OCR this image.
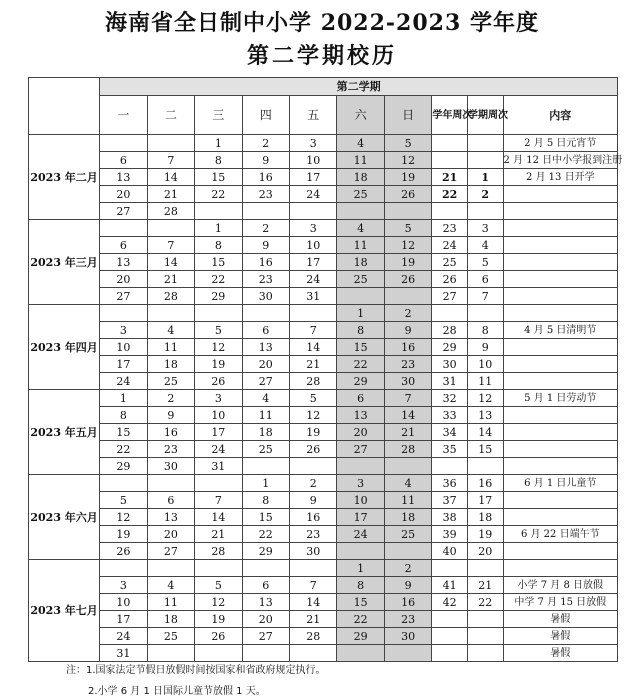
海南省全日制中小学 2022-2023 学年度
第二学期校历
	第二学期									
	一	二	三	四	五	六	日	学年周次	学期周次	内容
2023 年二月			1	2	3	4	5			2 月 5 日元宵节
	6	7	8	9	10	11	12			2 月 12 日中小学报到注册
	13	14	15	16	17	18	19	21	1	2 月 13 日开学
	20	21	22	23	24	25	26	22	2	
	27	28								
2023 年三月			1	2	3	4	5	23	3	
	6	7	8	9	10	11	12	24	4	
	13	14	15	16	17	18	19	25	5	
	20	21	22	23	24	25	26	26	6	
	27	28	29	30	31			27	7	
2023 年四月						1	2			
	3	4	5	6	7	8	9	28	8	4 月 5 日清明节
	10	11	12	13	14	15	16	29	9	
	17	18	19	20	21	22	23	30	10	
	24	25	26	27	28	29	30	31	11	
2023 年五月	1	2	3	4	5	6	7	32	12	5 月 1 日劳动节
	8	9	10	11	12	13	14	33	13	
	15	16	17	18	19	20	21	34	14	
	22	23	24	25	26	27	28	35	15	
	29	30	31							
2023 年六月				1	2	3	4	36	16	6 月 1 日儿童节
	5	6	7	8	9	10	11	37	17	
	12	13	14	15	16	17	18	38	18	
	19	20	21	22	23	24	25	39	19	6 月 22 日端午节
	26	27	28	29	30			40	20	
2023 年七月						1	2			
	3	4	5	6	7	8	9	41	21	小学 7 月 8 日放假
	10	11	12	13	14	15	16	42	22	中学 7 月 15 日放假
	17	18	19	20	21	22	23			暑假
	24	25	26	27	28	29	30			暑假
	31									暑假
注：1.国家法定节假日放假时间按国家和省政府规定执行。
2.小学 6 月 1 日国际儿童节放假 1 天。
